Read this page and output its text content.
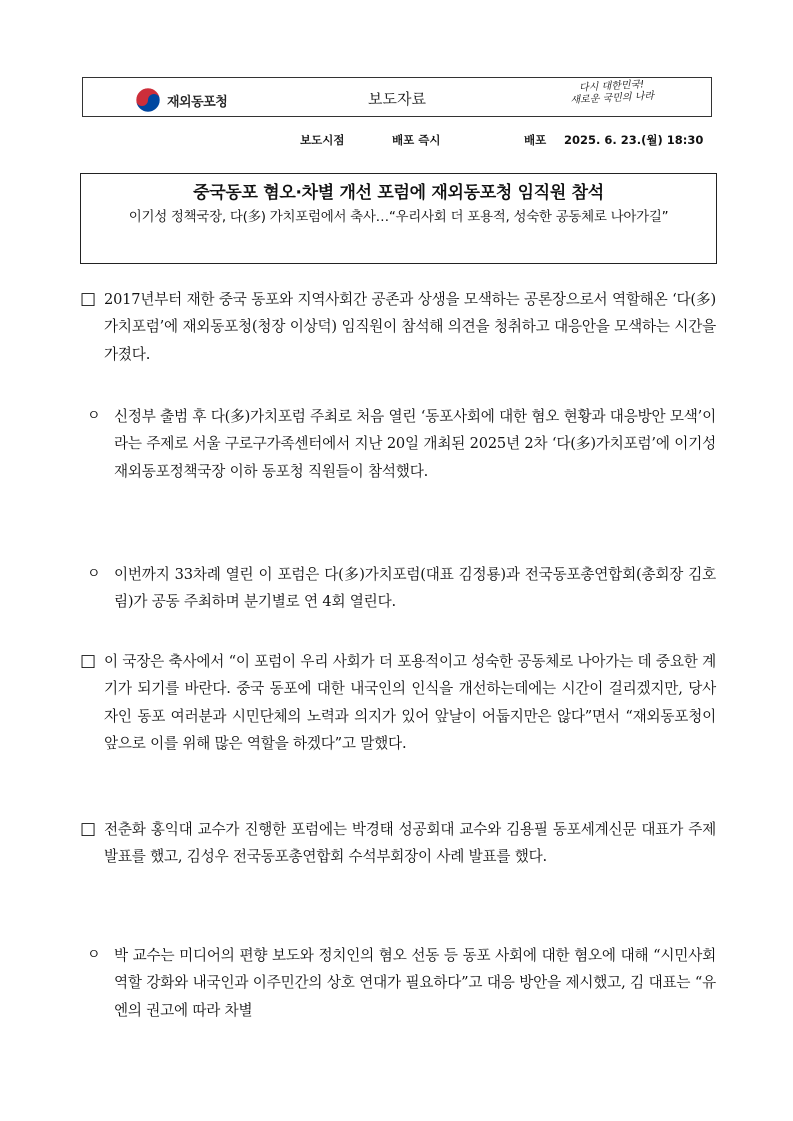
재외동포청	보도자료
다시 대한민국!
새로운 국민의 나라
보도시점	배포 즉시	배포 2025. 6. 23.(월) 18:30
중국동포 혐오·차별 개선 포럼에 재외동포청 임직원 참석
이기성 정책국장, 다(多) 가치포럼에서 축사…“우리사회 더 포용적, 성숙한 공동체로 나아가길”

□ 2017년부터 재한 중국 동포와 지역사회간 공존과 상생을 모색하는 공론장으로서 역할해온 ‘다(多)가치포럼’에 재외동포청(청장 이상덕) 임직원이 참석해 의견을 청취하고 대응안을 모색하는 시간을 가졌다.

ㅇ 신정부 출범 후 다(多)가치포럼 주최로 처음 열린 ‘동포사회에 대한 혐오 현황과 대응방안 모색’이라는 주제로 서울 구로구가족센터에서 지난 20일 개최된 2025년 2차 ‘다(多)가치포럼’에 이기성 재외동포정책국장 이하 동포청 직원들이 참석했다.

ㅇ 이번까지 33차례 열린 이 포럼은 다(多)가치포럼(대표 김정룡)과 전국동포총연합회(총회장 김호림)가 공동 주최하며 분기별로 연 4회 열린다.

□ 이 국장은 축사에서 “이 포럼이 우리 사회가 더 포용적이고 성숙한 공동체로 나아가는 데 중요한 계기가 되기를 바란다. 중국 동포에 대한 내국인의 인식을 개선하는데에는 시간이 걸리겠지만, 당사자인 동포 여러분과 시민단체의 노력과 의지가 있어 앞날이 어둡지만은 않다”면서 “재외동포청이 앞으로 이를 위해 많은 역할을 하겠다”고 말했다.

□ 전춘화 홍익대 교수가 진행한 포럼에는 박경태 성공회대 교수와 김용필 동포세계신문 대표가 주제발표를 했고, 김성우 전국동포총연합회 수석부회장이 사례 발표를 했다.

ㅇ 박 교수는 미디어의 편향 보도와 정치인의 혐오 선동 등 동포 사회에 대한 혐오에 대해 “시민사회 역할 강화와 내국인과 이주민간의 상호 연대가 필요하다”고 대응 방안을 제시했고, 김 대표는 “유엔의 권고에 따라 차별
